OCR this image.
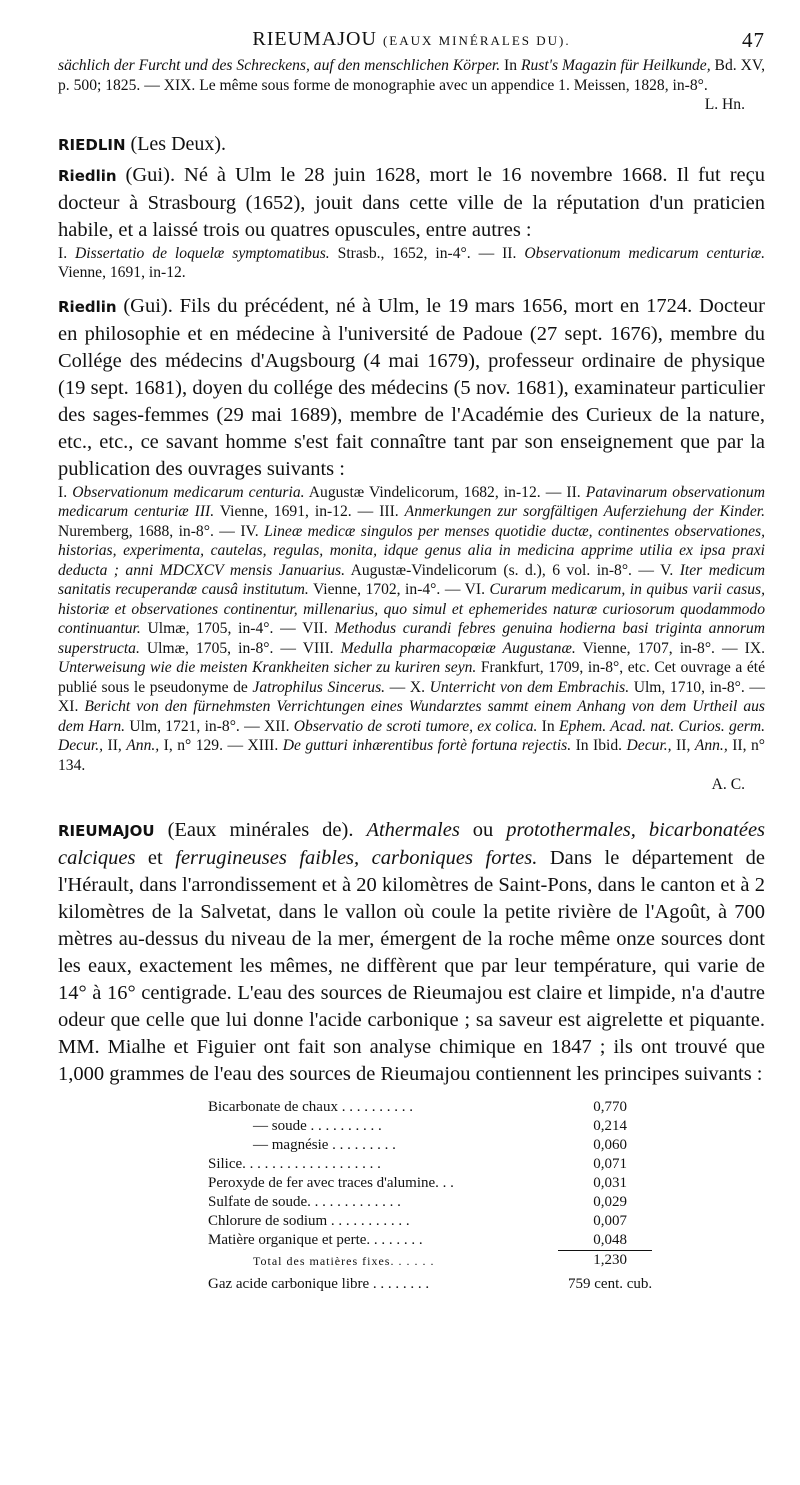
RIEUMAJOU (EAUX MINÉRALES DU).	47
sächlich der Furcht und des Schreckens, auf den menschlichen Körper. In Rust's Magazin für Heilkunde, Bd. XV, p. 500; 1825. — XIX. Le même sous forme de monographie avec un appendice 1. Meissen, 1828, in-8°.
L. Hn.
RIEDLIN (Les Deux).
Riedlin (Gui). Né à Ulm le 28 juin 1628, mort le 16 novembre 1668. Il fut reçu docteur à Strasbourg (1652), jouit dans cette ville de la réputation d'un praticien habile, et a laissé trois ou quatres opuscules, entre autres :
I. Dissertatio de loquelæ symptomatibus. Strasb., 1652, in-4°. — II. Observationum medicarum centuriæ. Vienne, 1691, in-12.
Riedlin (Gui). Fils du précédent, né à Ulm, le 19 mars 1656, mort en 1724. Docteur en philosophie et en médecine à l'université de Padoue (27 sept. 1676), membre du Collége des médecins d'Augsbourg (4 mai 1679), professeur ordinaire de physique (19 sept. 1681), doyen du collége des médecins (5 nov. 1681), examinateur particulier des sages-femmes (29 mai 1689), membre de l'Académie des Curieux de la nature, etc., etc., ce savant homme s'est fait connaître tant par son enseignement que par la publication des ouvrages suivants :
I. Observationum medicarum centuria. Augustæ Vindelicorum, 1682, in-12. — II. Patavinarum observationum medicarum centuriæ III. Vienne, 1691, in-12. — III. Anmerkungen zur sorgfältigen Auferziehung der Kinder. Nuremberg, 1688, in-8°. — IV. Lineæ medicæ singulos per menses quotidie ductæ, continentes observationes, historias, experimenta, cautelas, regulas, monita, idque genus alia in medicina apprime utilia ex ipsa praxi deducta ; anni MDCXCV mensis Januarius. Augustæ-Vindelicorum (s. d.), 6 vol. in-8°. — V. Iter medicum sanitatis recuperandæ causâ institutum. Vienne, 1702, in-4°. — VI. Curarum medicarum, in quibus varii casus, historiæ et observationes continentur, millenarius, quo simul et ephemerides naturæ curiosorum quodammodo continuantur. Ulmæ, 1705, in-4°. — VII. Methodus curandi febres genuina hodierna basi triginta annorum superstructa. Ulmæ, 1705, in-8°. — VIII. Medulla pharmacopœiæ Augustanæ. Vienne, 1707, in-8°. — IX. Unterweisung wie die meisten Krankheiten sicher zu kuriren seyn. Frankfurt, 1709, in-8°, etc. Cet ouvrage a été publié sous le pseudonyme de Jatrophilus Sincerus. — X. Unterricht von dem Embrachis. Ulm, 1710, in-8°. — XI. Bericht von den fürnehmsten Verrichtungen eines Wundarztes sammt einem Anhang von dem Urtheil aus dem Harn. Ulm, 1721, in-8°. — XII. Observatio de scroti tumore, ex colica. In Ephem. Acad. nat. Curios. germ. Decur., II, Ann., I, n° 129. — XIII. De gutturi inhærentibus fortè fortuna rejectis. In Ibid. Decur., II, Ann., II, n° 134.
A. C.
RIEUMAJOU (Eaux minérales de). Athermales ou protothermales, bicarbonatées calciques et ferrugineuses faibles, carboniques fortes. Dans le département de l'Hérault, dans l'arrondissement et à 20 kilomètres de Saint-Pons, dans le canton et à 2 kilomètres de la Salvetat, dans le vallon où coule la petite rivière de l'Agoût, à 700 mètres au-dessus du niveau de la mer, émergent de la roche même onze sources dont les eaux, exactement les mêmes, ne diffèrent que par leur température, qui varie de 14° à 16° centigrade. L'eau des sources de Rieumajou est claire et limpide, n'a d'autre odeur que celle que lui donne l'acide carbonique ; sa saveur est aigrelette et piquante. MM. Mialhe et Figuier ont fait son analyse chimique en 1847 ; ils ont trouvé que 1,000 grammes de l'eau des sources de Rieumajou contiennent les principes suivants :
Bicarbonate de chaux . . . . . . . . . .	0,770
— soude . . . . . . . . . .	0,214
— magnésie . . . . . . . . .	0,060
Silice. . . . . . . . . . . . . . . . . . .	0,071
Peroxyde de fer avec traces d'alumine. . .	0,031
Sulfate de soude. . . . . . . . . . . . .	0,029
Chlorure de sodium . . . . . . . . . . .	0,007
Matière organique et perte. . . . . . . .	0,048
Total des matières fixes. . . . . .	1,230
Gaz acide carbonique libre . . . . . . . .	759 cent. cub.
